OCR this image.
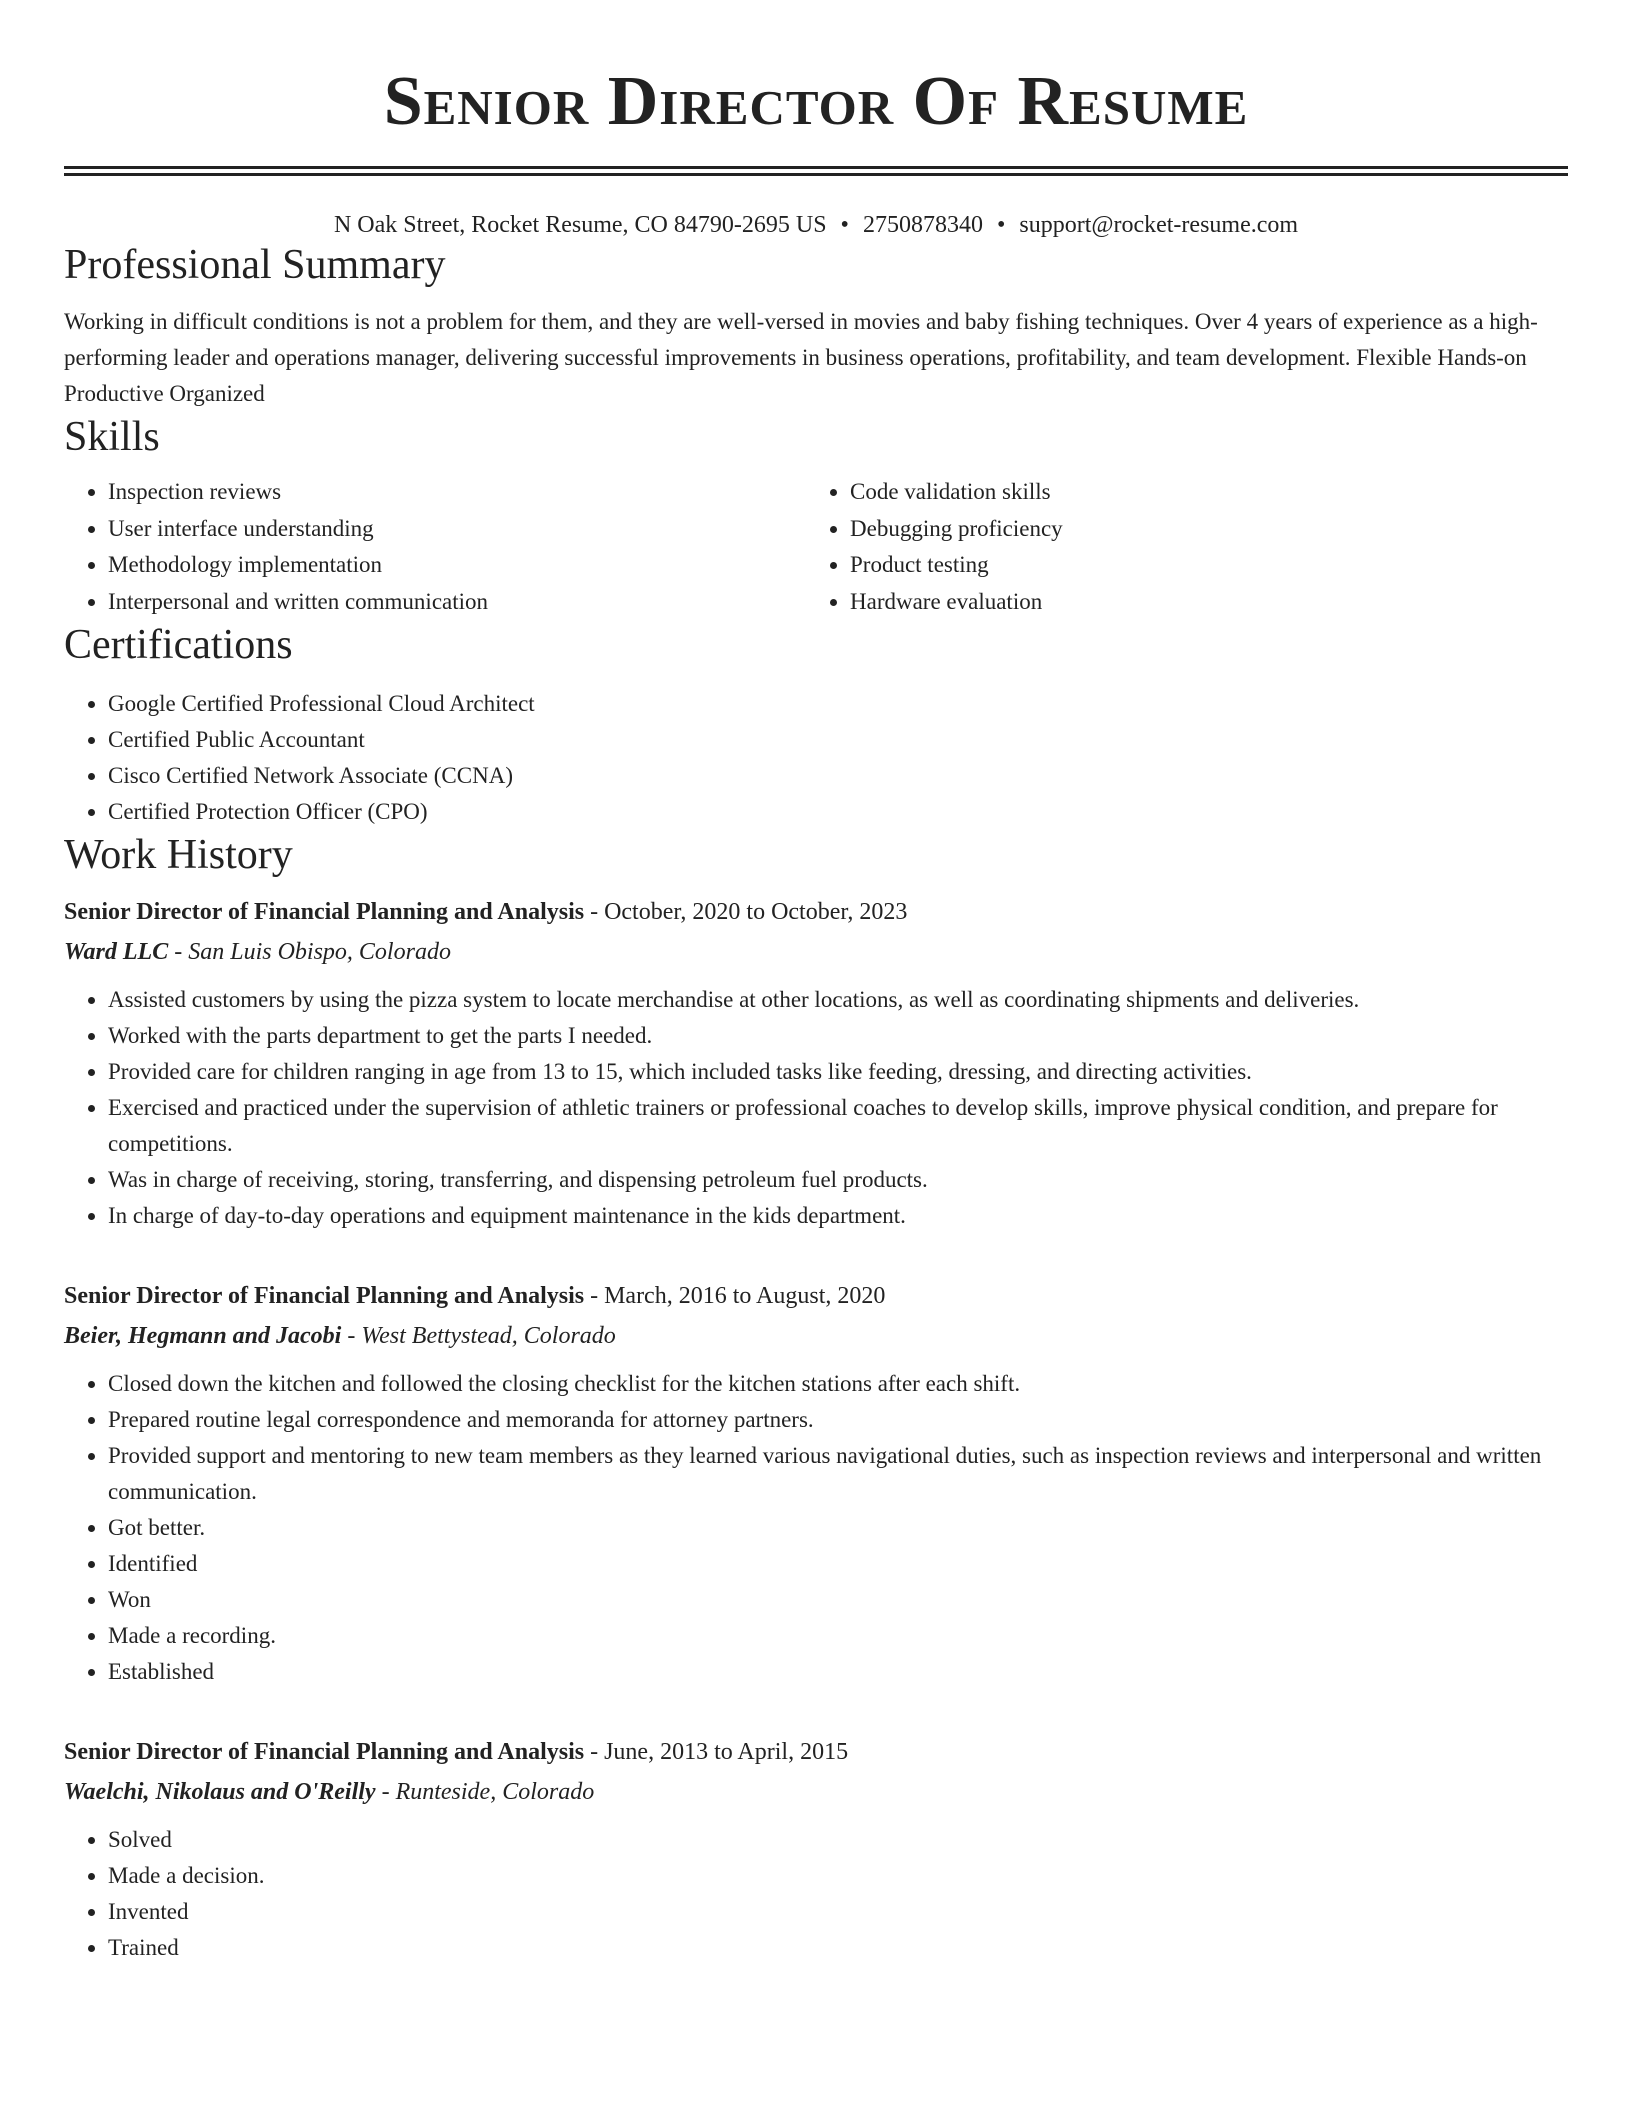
Senior Director Of Resume
N Oak Street, Rocket Resume, CO 84790-2695 US • 2750878340 • support@rocket-resume.com
Professional Summary

Working in difficult conditions is not a problem for them, and they are well-versed in movies and baby fishing techniques. Over 4 years of experience as a high-performing leader and operations manager, delivering successful improvements in business operations, profitability, and team development. Flexible Hands-on Productive Organized

Skills
• Inspection reviews
• User interface understanding
• Methodology implementation
• Interpersonal and written communication
• Code validation skills
• Debugging proficiency
• Product testing
• Hardware evaluation
Certifications
• Google Certified Professional Cloud Architect
• Certified Public Accountant
• Cisco Certified Network Associate (CCNA)
• Certified Protection Officer (CPO)
Work History
Senior Director of Financial Planning and Analysis - October, 2020 to October, 2023
Ward LLC - San Luis Obispo, Colorado
• Assisted customers by using the pizza system to locate merchandise at other locations, as well as coordinating shipments and deliveries.
• Worked with the parts department to get the parts I needed.
• Provided care for children ranging in age from 13 to 15, which included tasks like feeding, dressing, and directing activities.
• Exercised and practiced under the supervision of athletic trainers or professional coaches to develop skills, improve physical condition, and prepare for competitions.
• Was in charge of receiving, storing, transferring, and dispensing petroleum fuel products.
• In charge of day-to-day operations and equipment maintenance in the kids department.
Senior Director of Financial Planning and Analysis - March, 2016 to August, 2020
Beier, Hegmann and Jacobi - West Bettystead, Colorado
• Closed down the kitchen and followed the closing checklist for the kitchen stations after each shift.
• Prepared routine legal correspondence and memoranda for attorney partners.
• Provided support and mentoring to new team members as they learned various navigational duties, such as inspection reviews and interpersonal and written communication.
• Got better.
• Identified
• Won
• Made a recording.
• Established
Senior Director of Financial Planning and Analysis - June, 2013 to April, 2015
Waelchi, Nikolaus and O'Reilly - Runteside, Colorado
• Solved
• Made a decision.
• Invented
• Trained
